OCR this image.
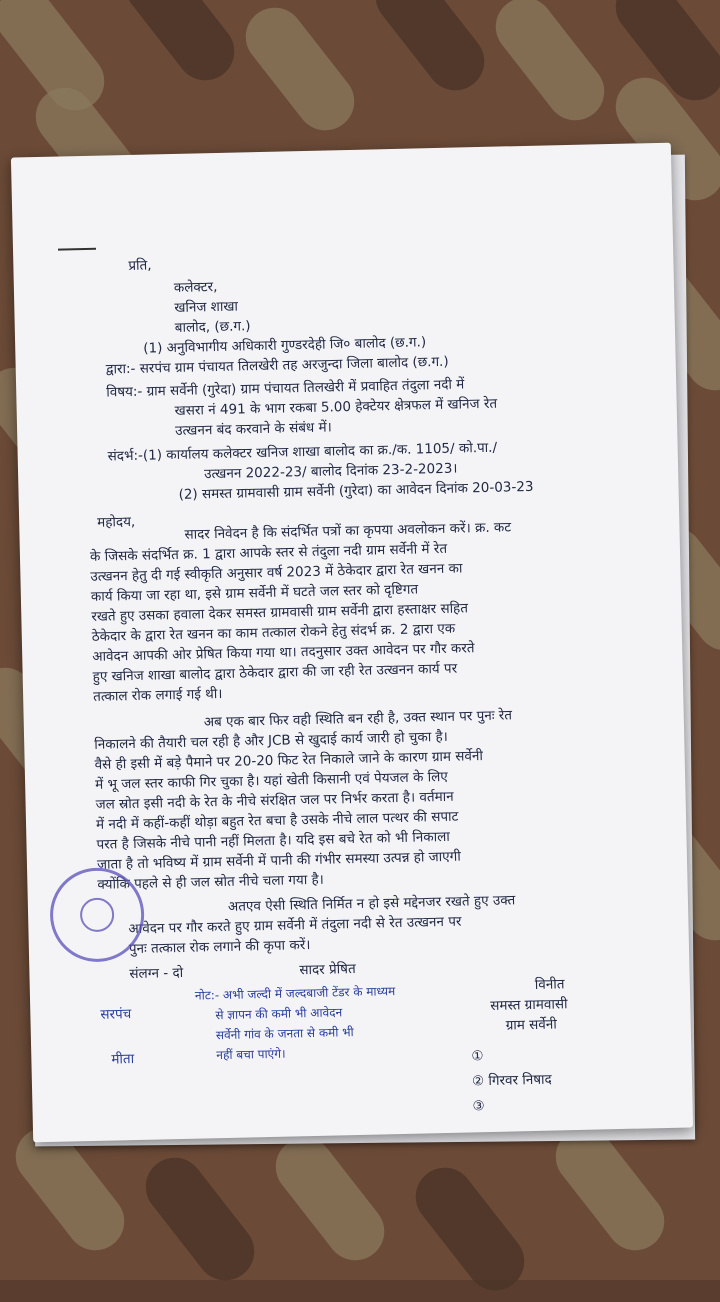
प्रति,
कलेक्टर,
खनिज शाखा
बालोद, (छ.ग.)
(1) अनुविभागीय अधिकारी गुण्डरदेही जि० बालोद (छ.ग.)
द्वारा:- सरपंच ग्राम पंचायत तिलखेरी तह अरजुन्दा जिला बालोद (छ.ग.)
विषय:- ग्राम सर्वेनी (गुरेदा) ग्राम पंचायत तिलखेरी में प्रवाहित तंदुला नदी में
खसरा नं 491 के भाग रकबा 5.00 हेक्टेयर क्षेत्रफल में खनिज रेत
उत्खनन बंद करवाने के संबंध में।
संदर्भ:-(1) कार्यालय कलेक्टर खनिज शाखा बालोद का क्र./क. 1105/ को.पा./
उत्खनन 2022-23/ बालोद दिनांक 23-2-2023।
(2) समस्त ग्रामवासी ग्राम सर्वेनी (गुरेदा) का आवेदन दिनांक 20-03-23
महोदय,	सादर निवेदन है कि संदर्भित पत्रों का कृपया अवलोकन करें। क्र. कट
के जिसके संदर्भित क्र. 1 द्वारा आपके स्तर से तंदुला नदी ग्राम सर्वेनी में रेत
उत्खनन हेतु दी गई स्वीकृति अनुसार वर्ष 2023 में ठेकेदार द्वारा रेत खनन का
कार्य किया जा रहा था, इसे ग्राम सर्वेनी में घटते जल स्तर को दृष्टिगत
रखते हुए उसका हवाला देकर समस्त ग्रामवासी ग्राम सर्वेनी द्वारा हस्ताक्षर सहित
ठेकेदार के द्वारा रेत खनन का काम तत्काल रोकने हेतु संदर्भ क्र. 2 द्वारा एक
आवेदन आपकी ओर प्रेषित किया गया था। तदनुसार उक्त आवेदन पर गौर करते
हुए खनिज शाखा बालोद द्वारा ठेकेदार द्वारा की जा रही रेत उत्खनन कार्य पर
तत्काल रोक लगाई गई थी।
अब एक बार फिर वही स्थिति बन रही है, उक्त स्थान पर पुनः रेत
निकालने की तैयारी चल रही है और JCB से खुदाई कार्य जारी हो चुका है।
वैसे ही इसी में बड़े पैमाने पर 20-20 फिट रेत निकाले जाने के कारण ग्राम सर्वेनी
में भू जल स्तर काफी गिर चुका है। यहां खेती किसानी एवं पेयजल के लिए
जल स्रोत इसी नदी के रेत के नीचे संरक्षित जल पर निर्भर करता है। वर्तमान
में नदी में कहीं-कहीं थोड़ा बहुत रेत बचा है उसके नीचे लाल पत्थर की सपाट
परत है जिसके नीचे पानी नहीं मिलता है। यदि इस बचे रेत को भी निकाला
जाता है तो भविष्य में ग्राम सर्वेनी में पानी की गंभीर समस्या उत्पन्न हो जाएगी
क्योंकि पहले से ही जल स्रोत नीचे चला गया है।
अतएव ऐसी स्थिति निर्मित न हो इसे मद्देनजर रखते हुए उक्त
आवेदन पर गौर करते हुए ग्राम सर्वेनी में तंदुला नदी से रेत उत्खनन पर
पुनः तत्काल रोक लगाने की कृपा करें।
संलग्न - दो	सादर प्रेषित
विनीत
समस्त ग्रामवासी
ग्राम सर्वेनी
①
② गिरवर निषाद
③
सरपंच
मीता
नोट:- अभी जल्दी में जल्दबाजी टेंडर के माध्यम
से ज्ञापन की कमी भी आवेदन
सर्वेनी गांव के जनता से कमी भी
नहीं बचा पाएंगे।
